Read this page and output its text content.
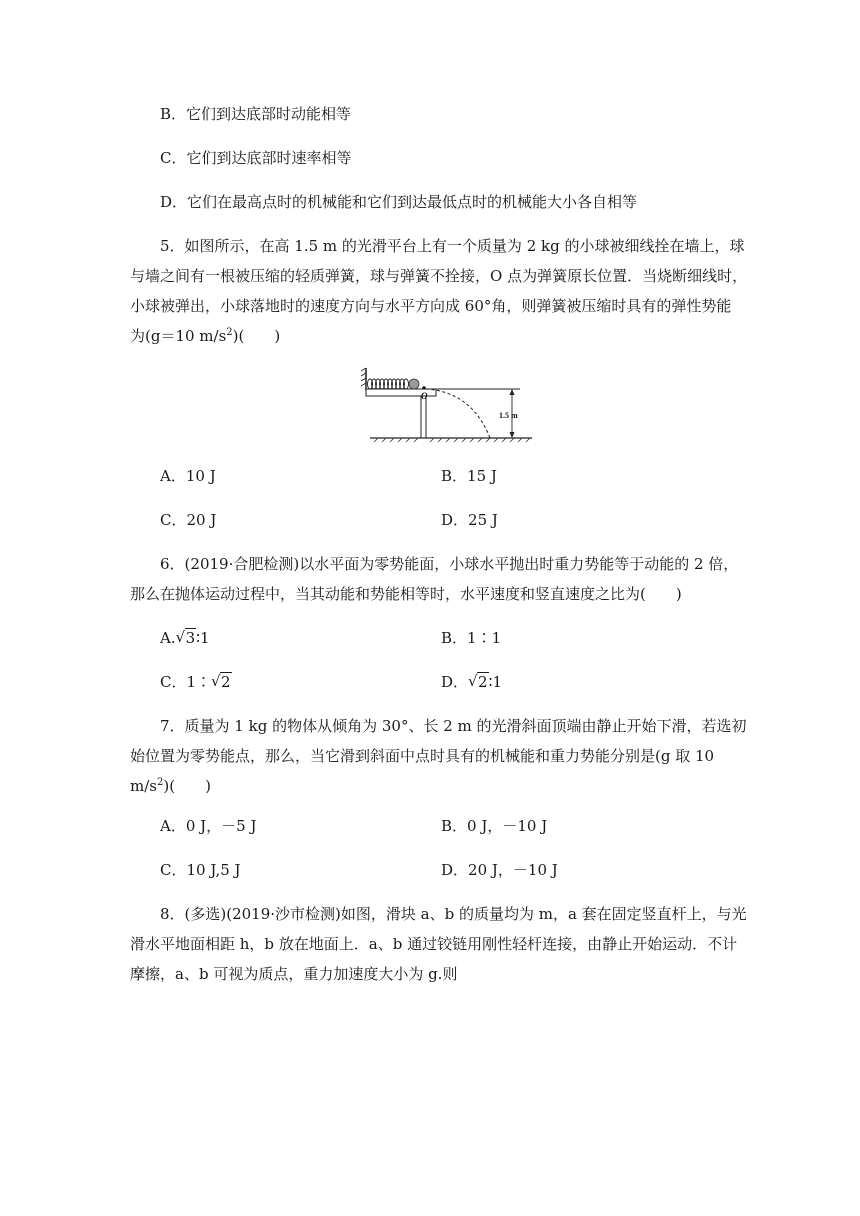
B．它们到达底部时动能相等
C．它们到达底部时速率相等
D．它们在最高点时的机械能和它们到达最低点时的机械能大小各自相等
5．如图所示，在高 1.5 m 的光滑平台上有一个质量为 2 kg 的小球被细线拴在墙上，球
与墙之间有一根被压缩的轻质弹簧，球与弹簧不拴接，O 点为弹簧原长位置．当烧断细线时，
小球被弹出，小球落地时的速度方向与水平方向成 60°角，则弹簧被压缩时具有的弹性势能
为(g＝10 $m/s^2$)(　　)
O
1.5 m
A．10 J	B．15 J
C．20 J	D．25 J
6．(2019·合肥检测)以水平面为零势能面，小球水平抛出时重力势能等于动能的 2 倍，
那么在抛体运动过程中，当其动能和势能相等时，水平速度和竖直速度之比为(　　)
A. √ 3∶1	B．1∶1
C．1∶ √ 2	D． √ 2∶1
7．质量为 1 kg 的物体从倾角为 30°、长 2 m 的光滑斜面顶端由静止开始下滑，若选初
始位置为零势能点，那么，当它滑到斜面中点时具有的机械能和重力势能分别是(g 取 10
$m/s^2$)(　　)
A．0 J，－5 J	B．0 J，－10 J
C．10 J,5 J	D．20 J，－10 J
8．(多选)(2019·沙市检测)如图，滑块 a、b 的质量均为 m，a 套在固定竖直杆上，与光
滑水平地面相距 h，b 放在地面上．a、b 通过铰链用刚性轻杆连接，由静止开始运动．不计
摩擦，a、b 可视为质点，重力加速度大小为 g.则
